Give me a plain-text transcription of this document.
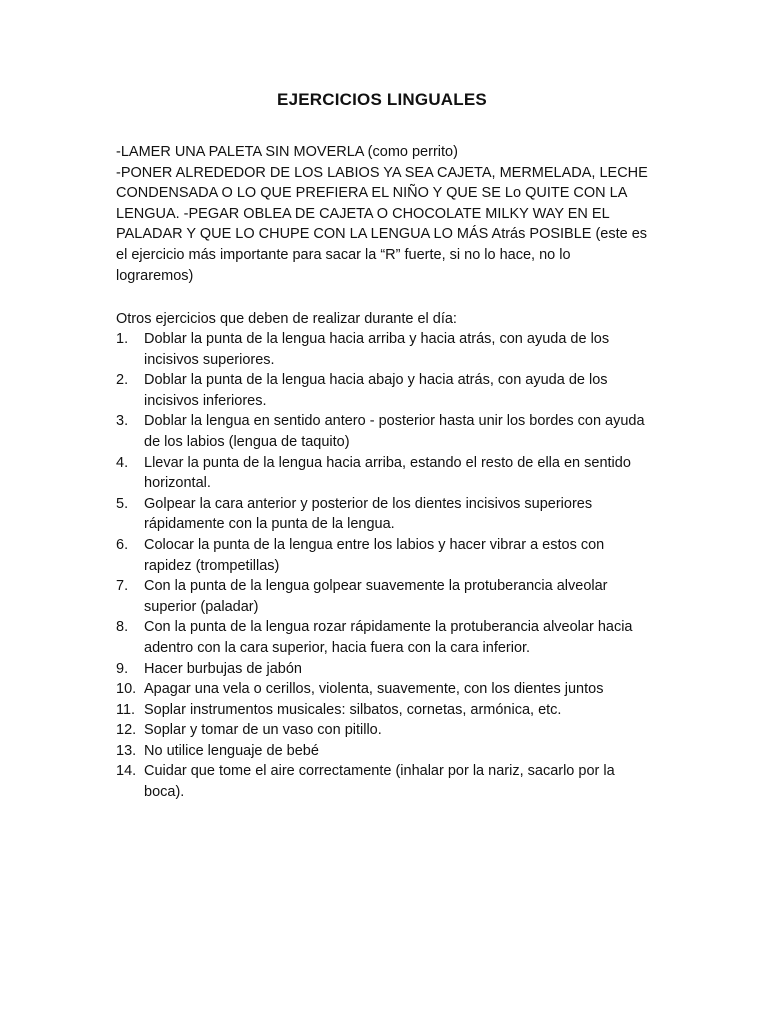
EJERCICIOS LINGUALES

-LAMER UNA PALETA SIN MOVERLA (como perrito)

-PONER ALREDEDOR DE LOS LABIOS YA SEA CAJETA, MERMELADA, LECHE CONDENSADA O LO QUE PREFIERA EL NIÑO Y QUE SE Lo QUITE CON LA LENGUA. -PEGAR OBLEA DE CAJETA O CHOCOLATE MILKY WAY EN EL PALADAR Y QUE LO CHUPE CON LA LENGUA LO MÁS Atrás POSIBLE (este es el ejercicio más importante para sacar la “R” fuerte, si no lo hace, no lo lograremos)

Otros ejercicios que deben de realizar durante el día:

1. Doblar la punta de la lengua hacia arriba y hacia atrás, con ayuda de los incisivos superiores.
2. Doblar la punta de la lengua hacia abajo y hacia atrás, con ayuda de los incisivos inferiores.
3. Doblar la lengua en sentido antero - posterior hasta unir los bordes con ayuda de los labios (lengua de taquito)
4. Llevar la punta de la lengua hacia arriba, estando el resto de ella en sentido horizontal.
5. Golpear la cara anterior y posterior de los dientes incisivos superiores rápidamente con la punta de la lengua.
6. Colocar la punta de la lengua entre los labios y hacer vibrar a estos con rapidez (trompetillas)
7. Con la punta de la lengua golpear suavemente la protuberancia alveolar superior (paladar)
8. Con la punta de la lengua rozar rápidamente la protuberancia alveolar hacia adentro con la cara superior, hacia fuera con la cara inferior.
9. Hacer burbujas de jabón
10. Apagar una vela o cerillos, violenta, suavemente, con los dientes juntos
11. Soplar instrumentos musicales: silbatos, cornetas, armónica, etc.
12. Soplar y tomar de un vaso con pitillo.
13. No utilice lenguaje de bebé
14. Cuidar que tome el aire correctamente (inhalar por la nariz, sacarlo por la boca).
